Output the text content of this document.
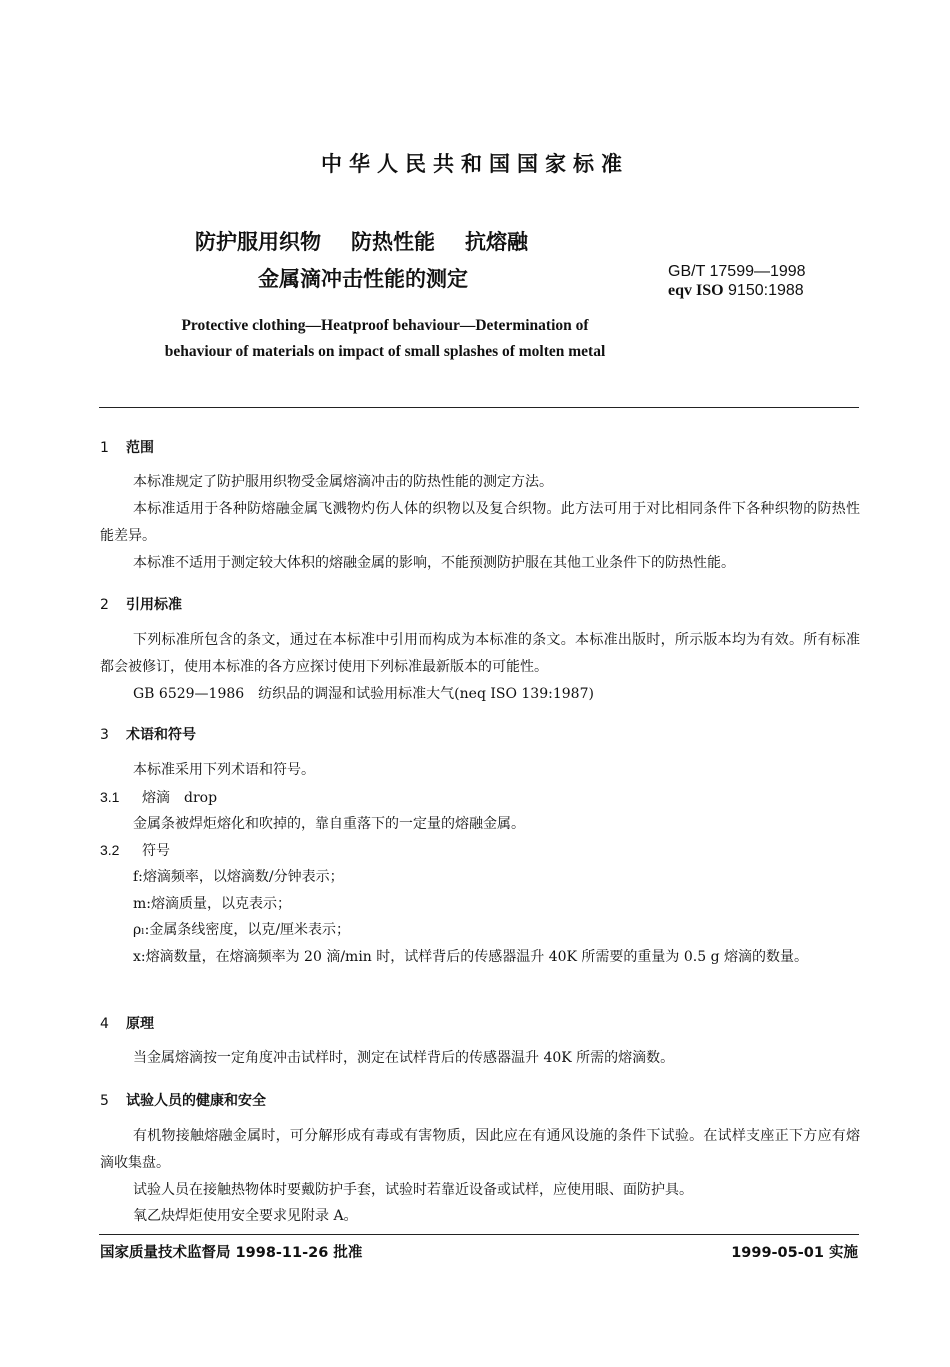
中华人民共和国国家标准
防护服用织物 防热性能 抗熔融
金属滴冲击性能的测定	GB/T 17599—1998
eqv ISO 9150:1988
Protective clothing—Heatproof behaviour—Determination of
behaviour of materials on impact of small splashes of molten metal
1 范围
本标准规定了防护服用织物受金属熔滴冲击的防热性能的测定方法。
本标准适用于各种防熔融金属飞溅物灼伤人体的织物以及复合织物。此方法可用于对比相同条件下各种织物的防热性能差异。
本标准不适用于测定较大体积的熔融金属的影响，不能预测防护服在其他工业条件下的防热性能。
2 引用标准
下列标准所包含的条文，通过在本标准中引用而构成为本标准的条文。本标准出版时，所示版本均为有效。所有标准都会被修订，使用本标准的各方应探讨使用下列标准最新版本的可能性。
GB 6529—1986　纺织品的调湿和试验用标准大气(neq ISO 139:1987)
3 术语和符号
本标准采用下列术语和符号。
3.1 熔滴　drop
金属条被焊炬熔化和吹掉的，靠自重落下的一定量的熔融金属。
3.2 符号
f:熔滴频率，以熔滴数/分钟表示；
m:熔滴质量，以克表示；
ρₗ:金属条线密度，以克/厘米表示；
x:熔滴数量，在熔滴频率为 20 滴/min 时，试样背后的传感器温升 40K 所需要的重量为 0.5 g 熔滴的数量。
4 原理
当金属熔滴按一定角度冲击试样时，测定在试样背后的传感器温升 40K 所需的熔滴数。
5 试验人员的健康和安全
有机物接触熔融金属时，可分解形成有毒或有害物质，因此应在有通风设施的条件下试验。在试样支座正下方应有熔滴收集盘。
试验人员在接触热物体时要戴防护手套，试验时若靠近设备或试样，应使用眼、面防护具。
氧乙炔焊炬使用安全要求见附录 A。
国家质量技术监督局 1998-11-26 批准	1999-05-01 实施
